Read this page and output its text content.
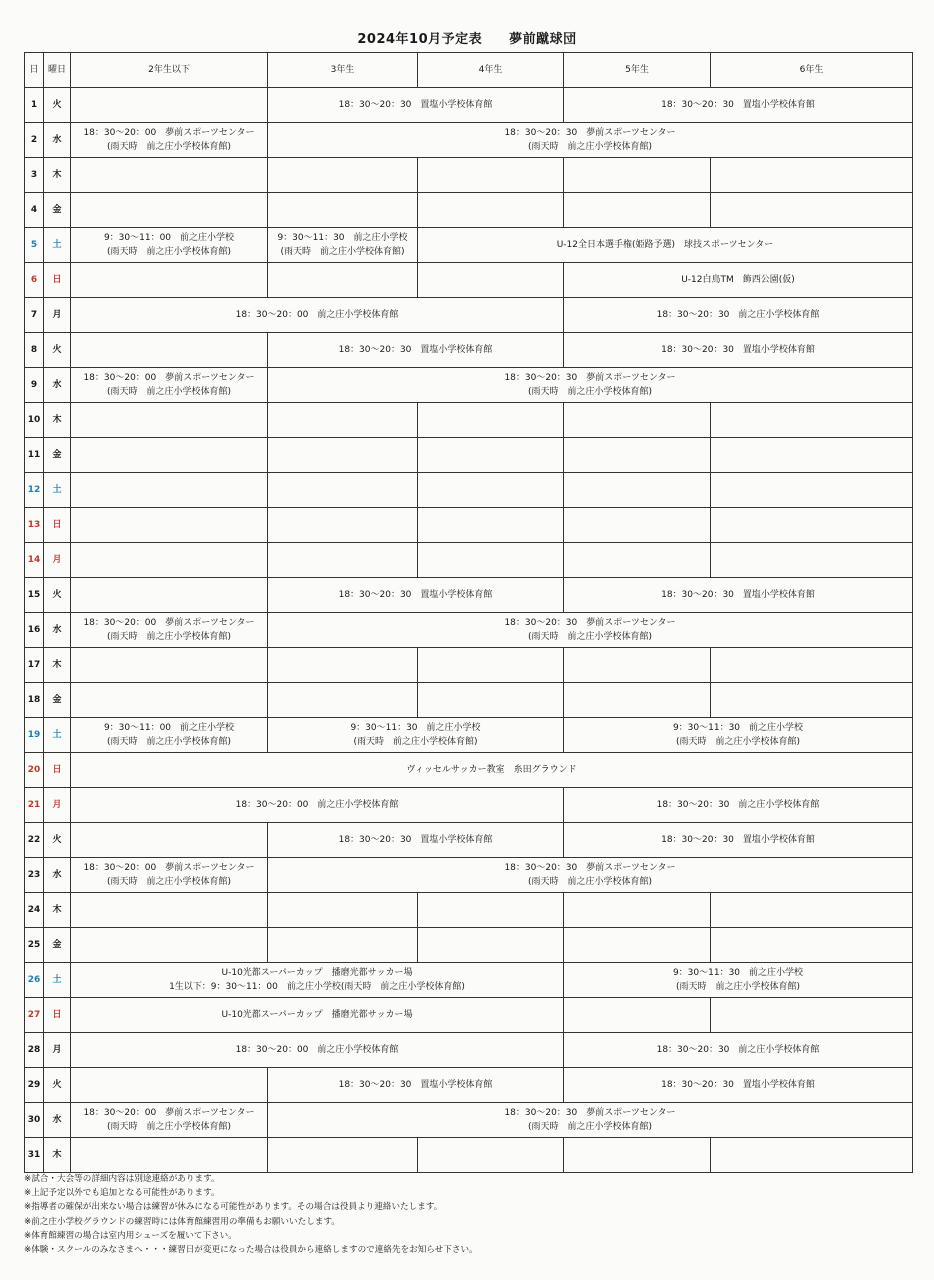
2024年10月予定表　　夢前蹴球団
日	曜日	2年生以下	3年生	4年生	5年生	6年生
1	火		18：30〜20：30　置塩小学校体育館		18：30〜20：30　置塩小学校体育館	

2	水	18：30〜20：00　夢前スポーツセンター
(雨天時　前之庄小学校体育館)	18：30〜20：30　夢前スポーツセンター
(雨天時　前之庄小学校体育館)			

3	木					
4	金					
5	土	9：30〜11：00　前之庄小学校
(雨天時　前之庄小学校体育館)	9：30〜11：30　前之庄小学校
(雨天時　前之庄小学校体育館)	U-12全日本選手権(姫路予選)　球技スポーツセンター		

6	日				U-12白鳥TM　飾西公園(仮)	

7	月	18：30〜20：00　前之庄小学校体育館			18：30〜20：30　前之庄小学校体育館	

8	火		18：30〜20：30　置塩小学校体育館		18：30〜20：30　置塩小学校体育館	

9	水	18：30〜20：00　夢前スポーツセンター
(雨天時　前之庄小学校体育館)	18：30〜20：30　夢前スポーツセンター
(雨天時　前之庄小学校体育館)			

10	木					
11	金					
12	土					
13	日					
14	月					
15	火		18：30〜20：30　置塩小学校体育館		18：30〜20：30　置塩小学校体育館	

16	水	18：30〜20：00　夢前スポーツセンター
(雨天時　前之庄小学校体育館)	18：30〜20：30　夢前スポーツセンター
(雨天時　前之庄小学校体育館)			

17	木					
18	金					
19	土	9：30〜11：00　前之庄小学校
(雨天時　前之庄小学校体育館)	9：30〜11：30　前之庄小学校
(雨天時　前之庄小学校体育館)		9：30〜11：30　前之庄小学校
(雨天時　前之庄小学校体育館)	

20	日	ヴィッセルサッカー教室　糸田グラウンド				

21	月	18：30〜20：00　前之庄小学校体育館			18：30〜20：30　前之庄小学校体育館	

22	火		18：30〜20：30　置塩小学校体育館		18：30〜20：30　置塩小学校体育館	

23	水	18：30〜20：00　夢前スポーツセンター
(雨天時　前之庄小学校体育館)	18：30〜20：30　夢前スポーツセンター
(雨天時　前之庄小学校体育館)			

24	木					
25	金					
26	土	U-10光都スーパーカップ　播磨光都サッカー場
1生以下：9：30〜11：00　前之庄小学校(雨天時　前之庄小学校体育館)			9：30〜11：30　前之庄小学校
(雨天時　前之庄小学校体育館)	

27	日	U-10光都スーパーカップ　播磨光都サッカー場				

28	月	18：30〜20：00　前之庄小学校体育館			18：30〜20：30　前之庄小学校体育館	

29	火		18：30〜20：30　置塩小学校体育館		18：30〜20：30　置塩小学校体育館	

30	水	18：30〜20：00　夢前スポーツセンター
(雨天時　前之庄小学校体育館)	18：30〜20：30　夢前スポーツセンター
(雨天時　前之庄小学校体育館)			

31	木					
※試合・大会等の詳細内容は別途連絡があります。
※上記予定以外でも追加となる可能性があります。
※指導者の確保が出来ない場合は練習が休みになる可能性があります。その場合は役員より連絡いたします。
※前之庄小学校グラウンドの練習時には体育館練習用の準備もお願いいたします。
※体育館練習の場合は室内用シューズを履いて下さい。
※体験・スクールのみなさまへ・・・練習日が変更になった場合は役員から連絡しますので連絡先をお知らせ下さい。
